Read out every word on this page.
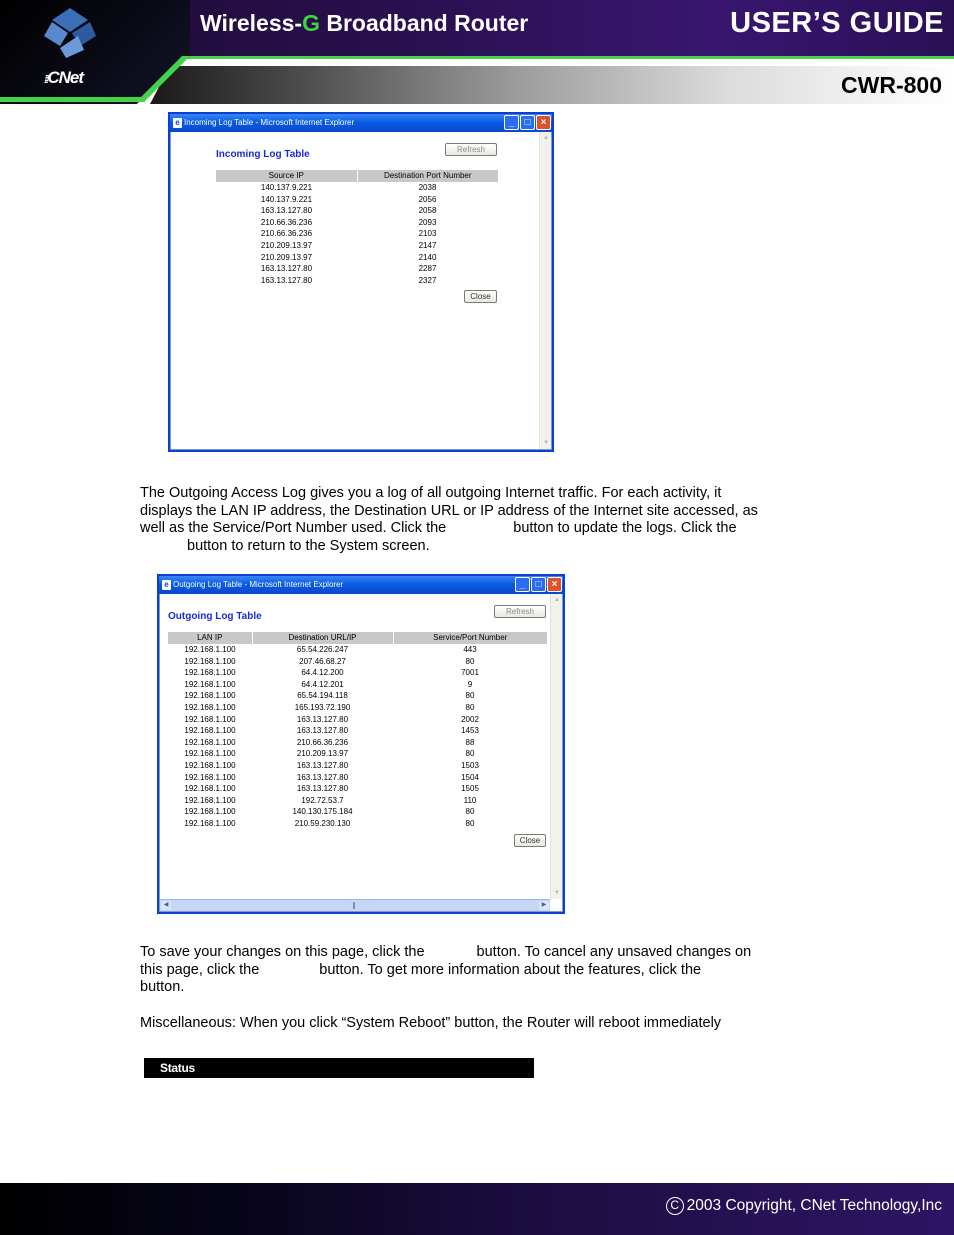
⁞⁞CNet
Wireless-G Broadband Router	USER’S GUIDE
CWR-800
e Incoming Log Table - Microsoft Internet Explorer	_	□	×
Incoming Log Table	Refresh
Source IP	Destination Port Number
140.137.9.221	2038
140.137.9.221	2056
163.13.127.80	2058
210.66.36.236	2093
210.66.36.236	2103
210.209.13.97	2147
210.209.13.97	2140
163.13.127.80	2287
163.13.127.80	2327
Close
▲
▼
The Outgoing Access Log gives you a log of all outgoing Internet traffic. For each activity, it
displays the LAN IP address, the Destination URL or IP address of the Internet site accessed, as
well as the Service/Port Number used. Click the	button to update the logs. Click the
button to return to the System screen.
e Outgoing Log Table - Microsoft Internet Explorer	_	□	×
Outgoing Log Table	Refresh
LAN IP	Destination URL/IP	Service/Port Number
192.168.1.100	65.54.226.247	443
192.168.1.100	207.46.68.27	80
192.168.1.100	64.4.12.200	7001
192.168.1.100	64.4.12.201	9
192.168.1.100	65.54.194.118	80
192.168.1.100	165.193.72.190	80
192.168.1.100	163.13.127.80	2002
192.168.1.100	163.13.127.80	1453
192.168.1.100	210.66.36.236	88
192.168.1.100	210.209.13.97	80
192.168.1.100	163.13.127.80	1503
192.168.1.100	163.13.127.80	1504
192.168.1.100	163.13.127.80	1505
192.168.1.100	192.72.53.7	110
192.168.1.100	140.130.175.184	80
192.168.1.100	210.59.230.130	80
Close
▲
▼
◀	▶
To save your changes on this page, click the	button. To cancel any unsaved changes on
this page, click the	button. To get more information about the features, click the
button.
Miscellaneous: When you click “System Reboot” button, the Router will reboot immediately
Status
C 2003 Copyright, CNet Technology,Inc
